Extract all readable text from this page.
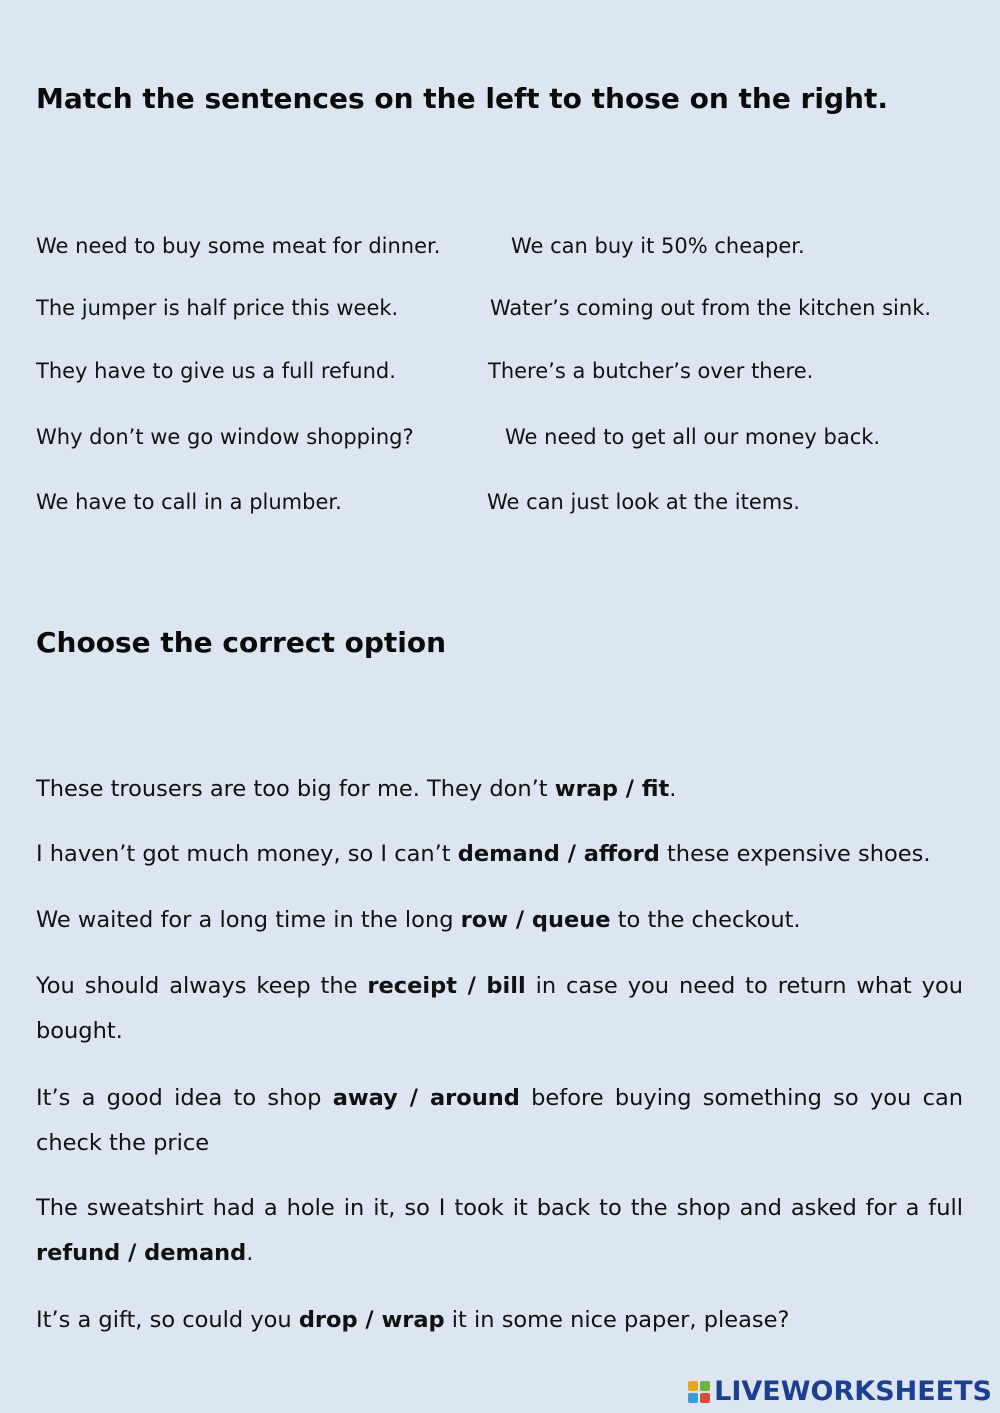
Match the sentences on the left to those on the right.
We need to buy some meat for dinner.	We can buy it 50% cheaper.
The jumper is half price this week.	Water’s coming out from the kitchen sink.
They have to give us a full refund.	There’s a butcher’s over there.
Why don’t we go window shopping?	We need to get all our money back.
We have to call in a plumber.	We can just look at the items.
Choose the correct option

These trousers are too big for me. They don’t wrap / fit.

I haven’t got much money, so I can’t demand / afford these expensive shoes.

We waited for a long time in the long row / queue to the checkout.

You should always keep the receipt / bill in case you need to return what you bought.

It’s a good idea to shop away / around before buying something so you can check the price

The sweatshirt had a hole in it, so I took it back to the shop and asked for a full refund / demand.

It’s a gift, so could you drop / wrap it in some nice paper, please?

LIVEWORKSHEETS
